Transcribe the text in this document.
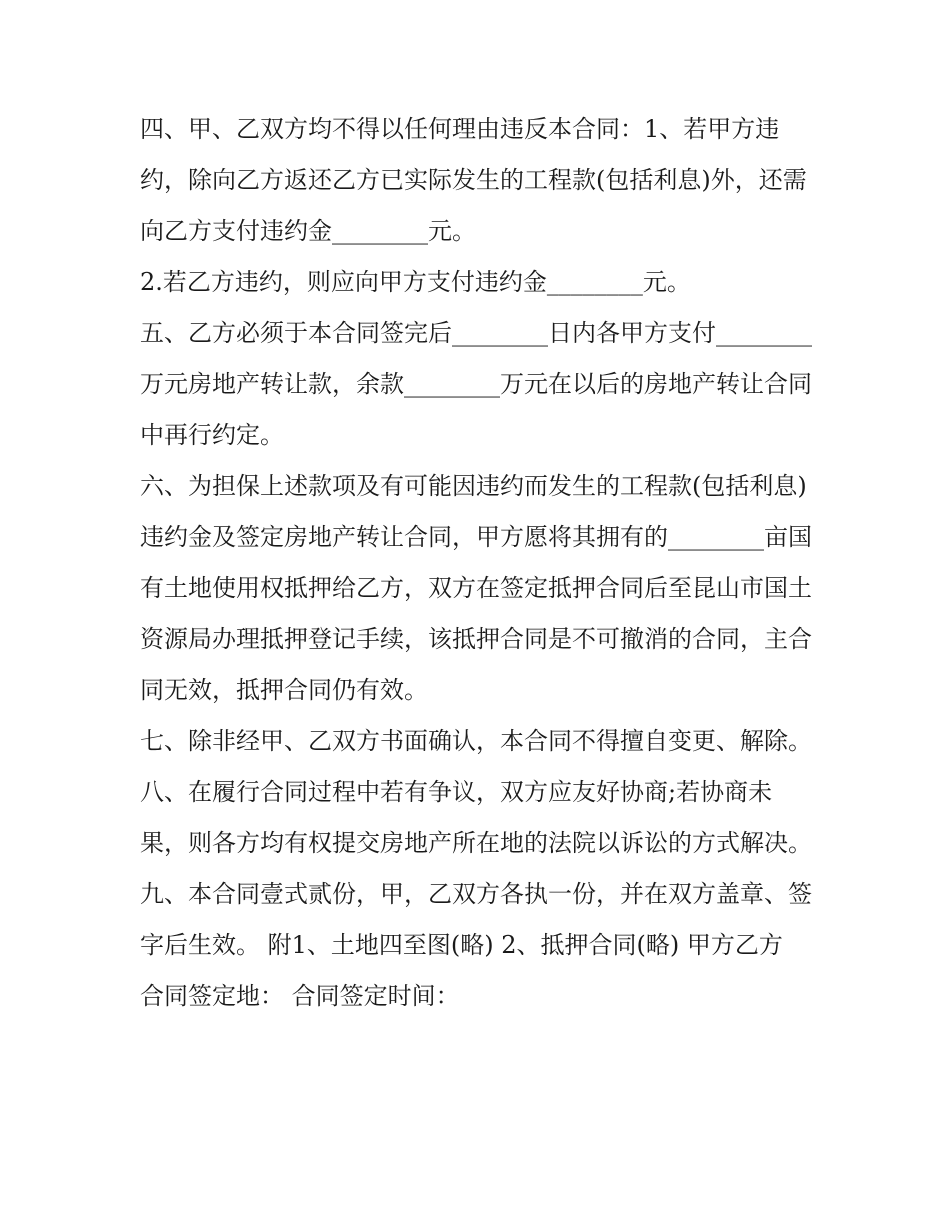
四、甲、乙双方均不得以任何理由违反本合同：1、若甲方违约，除向乙方返还乙方已实际发生的工程款(包括利息)外，还需向乙方支付违约金________元。

2.若乙方违约，则应向甲方支付违约金________元。

五、乙方必须于本合同签完后________日内各甲方支付________万元房地产转让款，余款________万元在以后的房地产转让合同中再行约定。

六、为担保上述款项及有可能因违约而发生的工程款(包括利息)违约金及签定房地产转让合同，甲方愿将其拥有的________亩国有土地使用权抵押给乙方，双方在签定抵押合同后至昆山市国土资源局办理抵押登记手续，该抵押合同是不可撤消的合同，主合同无效，抵押合同仍有效。

七、除非经甲、乙双方书面确认，本合同不得擅自变更、解除。

八、在履行合同过程中若有争议，双方应友好协商;若协商未果，则各方均有权提交房地产所在地的法院以诉讼的方式解决。

九、本合同壹式贰份，甲，乙双方各执一份，并在双方盖章、签字后生效。 附1、土地四至图(略) 2、抵押合同(略) 甲方乙方 合同签定地： 合同签定时间：
